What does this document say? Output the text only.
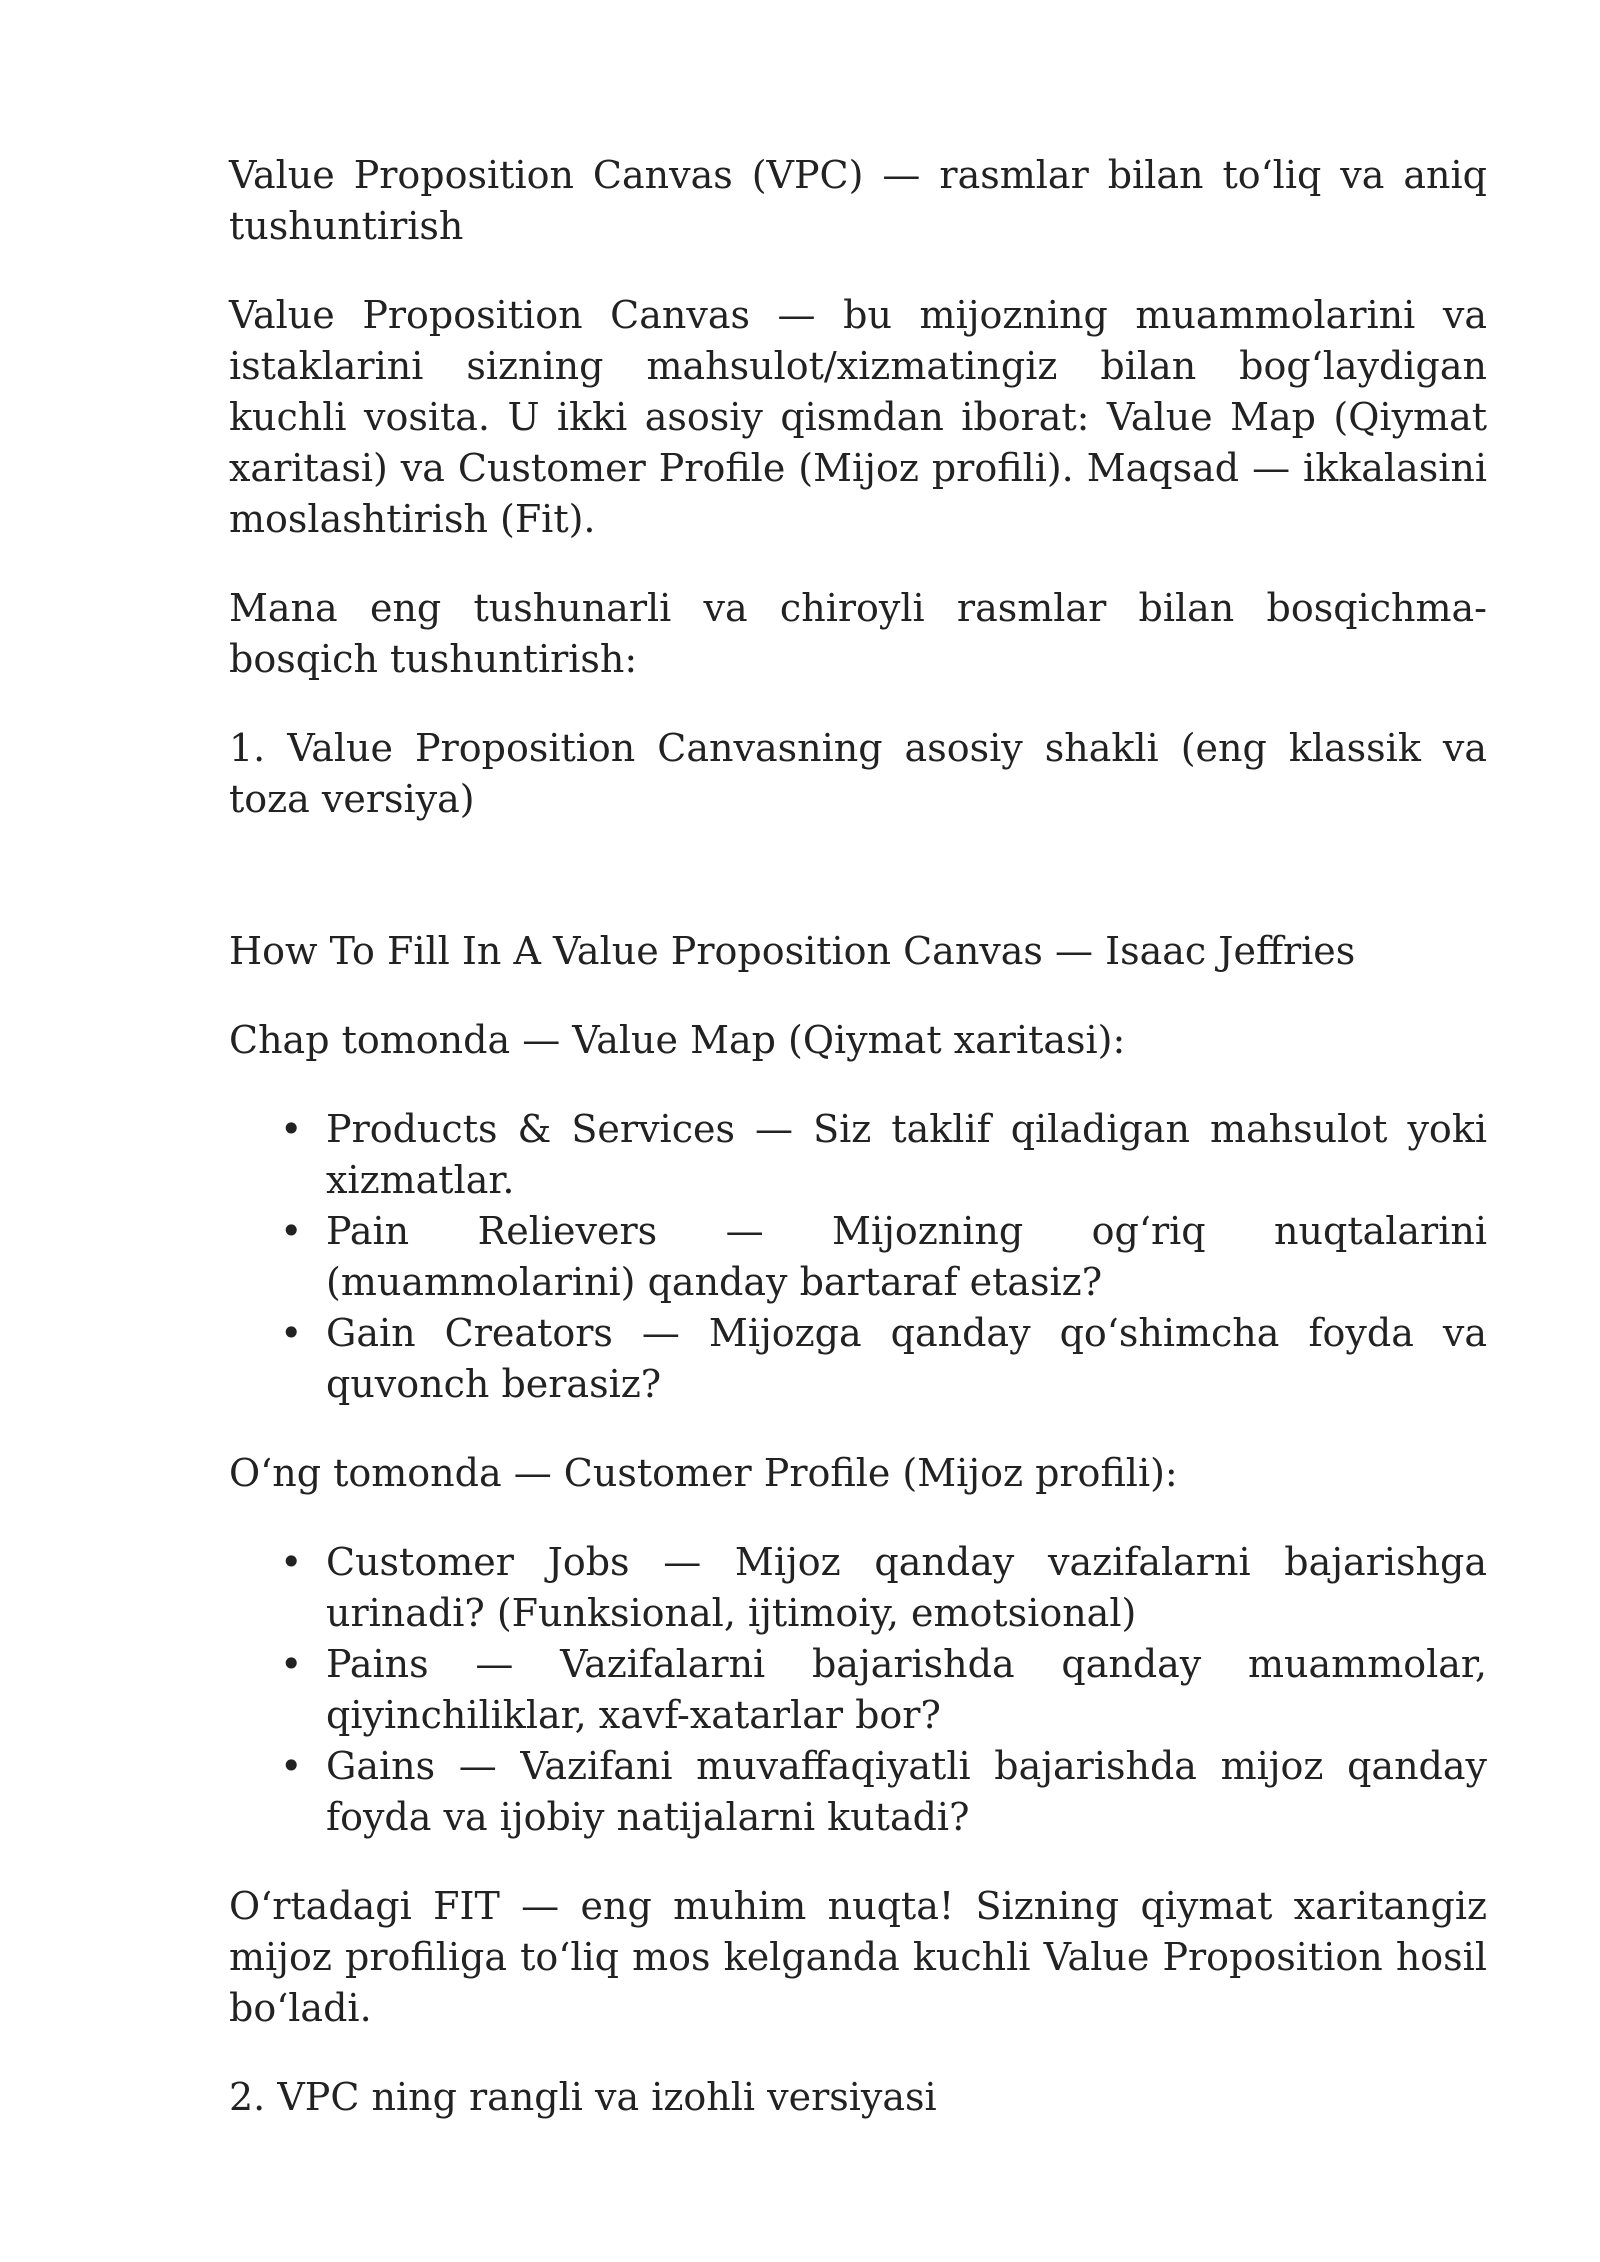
Value Proposition Canvas (VPC) — rasmlar bilan to‘liq va aniq tushuntirish

Value Proposition Canvas — bu mijozning muammolarini va istaklarini sizning mahsulot/xizmatingiz bilan bog‘laydigan kuchli vosita. U ikki asosiy qismdan iborat: Value Map (Qiymat xaritasi) va Customer Profile (Mijoz profili). Maqsad — ikkalasini moslashtirish (Fit).

Mana eng tushunarli va chiroyli rasmlar bilan bosqichma-bosqich tushuntirish:

1. Value Proposition Canvasning asosiy shakli (eng klassik va toza versiya)

How To Fill In A Value Proposition Canvas — Isaac Jeffries

Chap tomonda — Value Map (Qiymat xaritasi):

• Products & Services — Siz taklif qiladigan mahsulot yoki xizmatlar.
• Pain Relievers — Mijozning og‘riq nuqtalarini (muammolarini) qanday bartaraf etasiz?
• Gain Creators — Mijozga qanday qo‘shimcha foyda va quvonch berasiz?

O‘ng tomonda — Customer Profile (Mijoz profili):

• Customer Jobs — Mijoz qanday vazifalarni bajarishga urinadi? (Funksional, ijtimoiy, emotsional)
• Pains — Vazifalarni bajarishda qanday muammolar, qiyinchiliklar, xavf-xatarlar bor?
• Gains — Vazifani muvaffaqiyatli bajarishda mijoz qanday foyda va ijobiy natijalarni kutadi?

O‘rtadagi FIT — eng muhim nuqta! Sizning qiymat xaritangiz mijoz profiliga to‘liq mos kelganda kuchli Value Proposition hosil bo‘ladi.

2. VPC ning rangli va izohli versiyasi
